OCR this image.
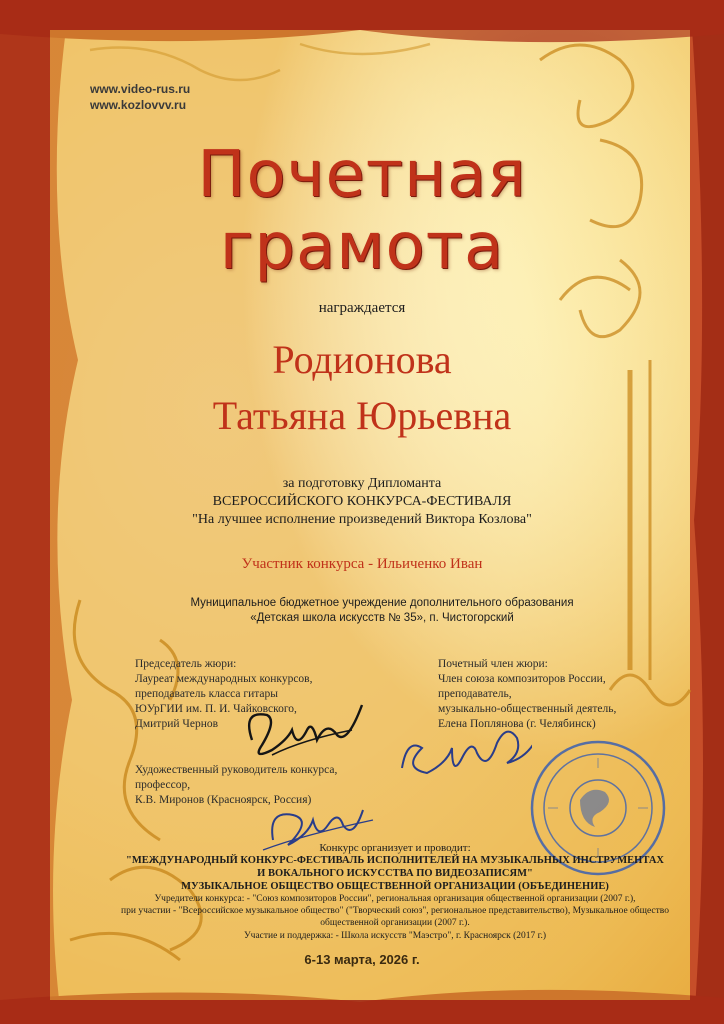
www.video-rus.ru
www.kozlovvv.ru
Почетная
грамота
награждается
Родионова
Татьяна Юрьевна
за подготовку Дипломанта
ВСЕРОССИЙСКОГО КОНКУРСА-ФЕСТИВАЛЯ
"На лучшее исполнение произведений Виктора Козлова"
Участник конкурса - Ильиченко Иван
Муниципальное бюджетное учреждение дополнительного образования
«Детская школа искусств № 35», п. Чистогорский
Председатель жюри:
Лауреат международных конкурсов,
преподаватель класса гитары
ЮУрГИИ им. П. И. Чайковского,
Дмитрий Чернов
Почетный член жюри:
Член союза композиторов России,
преподаватель,
музыкально-общественный деятель,
Елена Поплянова (г. Челябинск)
Художественный руководитель конкурса,
профессор,
К.В. Миронов (Красноярск, Россия)
Конкурс организует и проводит:
"МЕЖДУНАРОДНЫЙ КОНКУРС-ФЕСТИВАЛЬ ИСПОЛНИТЕЛЕЙ НА МУЗЫКАЛЬНЫХ ИНСТРУМЕНТАХ
И ВОКАЛЬНОГО ИСКУССТВА ПО ВИДЕОЗАПИСЯМ"
МУЗЫКАЛЬНОЕ ОБЩЕСТВО ОБЩЕСТВЕННОЙ ОРГАНИЗАЦИИ (ОБЪЕДИНЕНИЕ)
Учредители конкурса: - "Союз композиторов России", региональная организация общественной организации (2007 г.),
при участии - "Всероссийское музыкальное общество" ("Творческий союз", региональное представительство), Музыкальное общество
общественной организации (2007 г.).
Участие и поддержка: - Школа искусств "Маэстро", г. Красноярск (2017 г.)
6-13 марта, 2026 г.
